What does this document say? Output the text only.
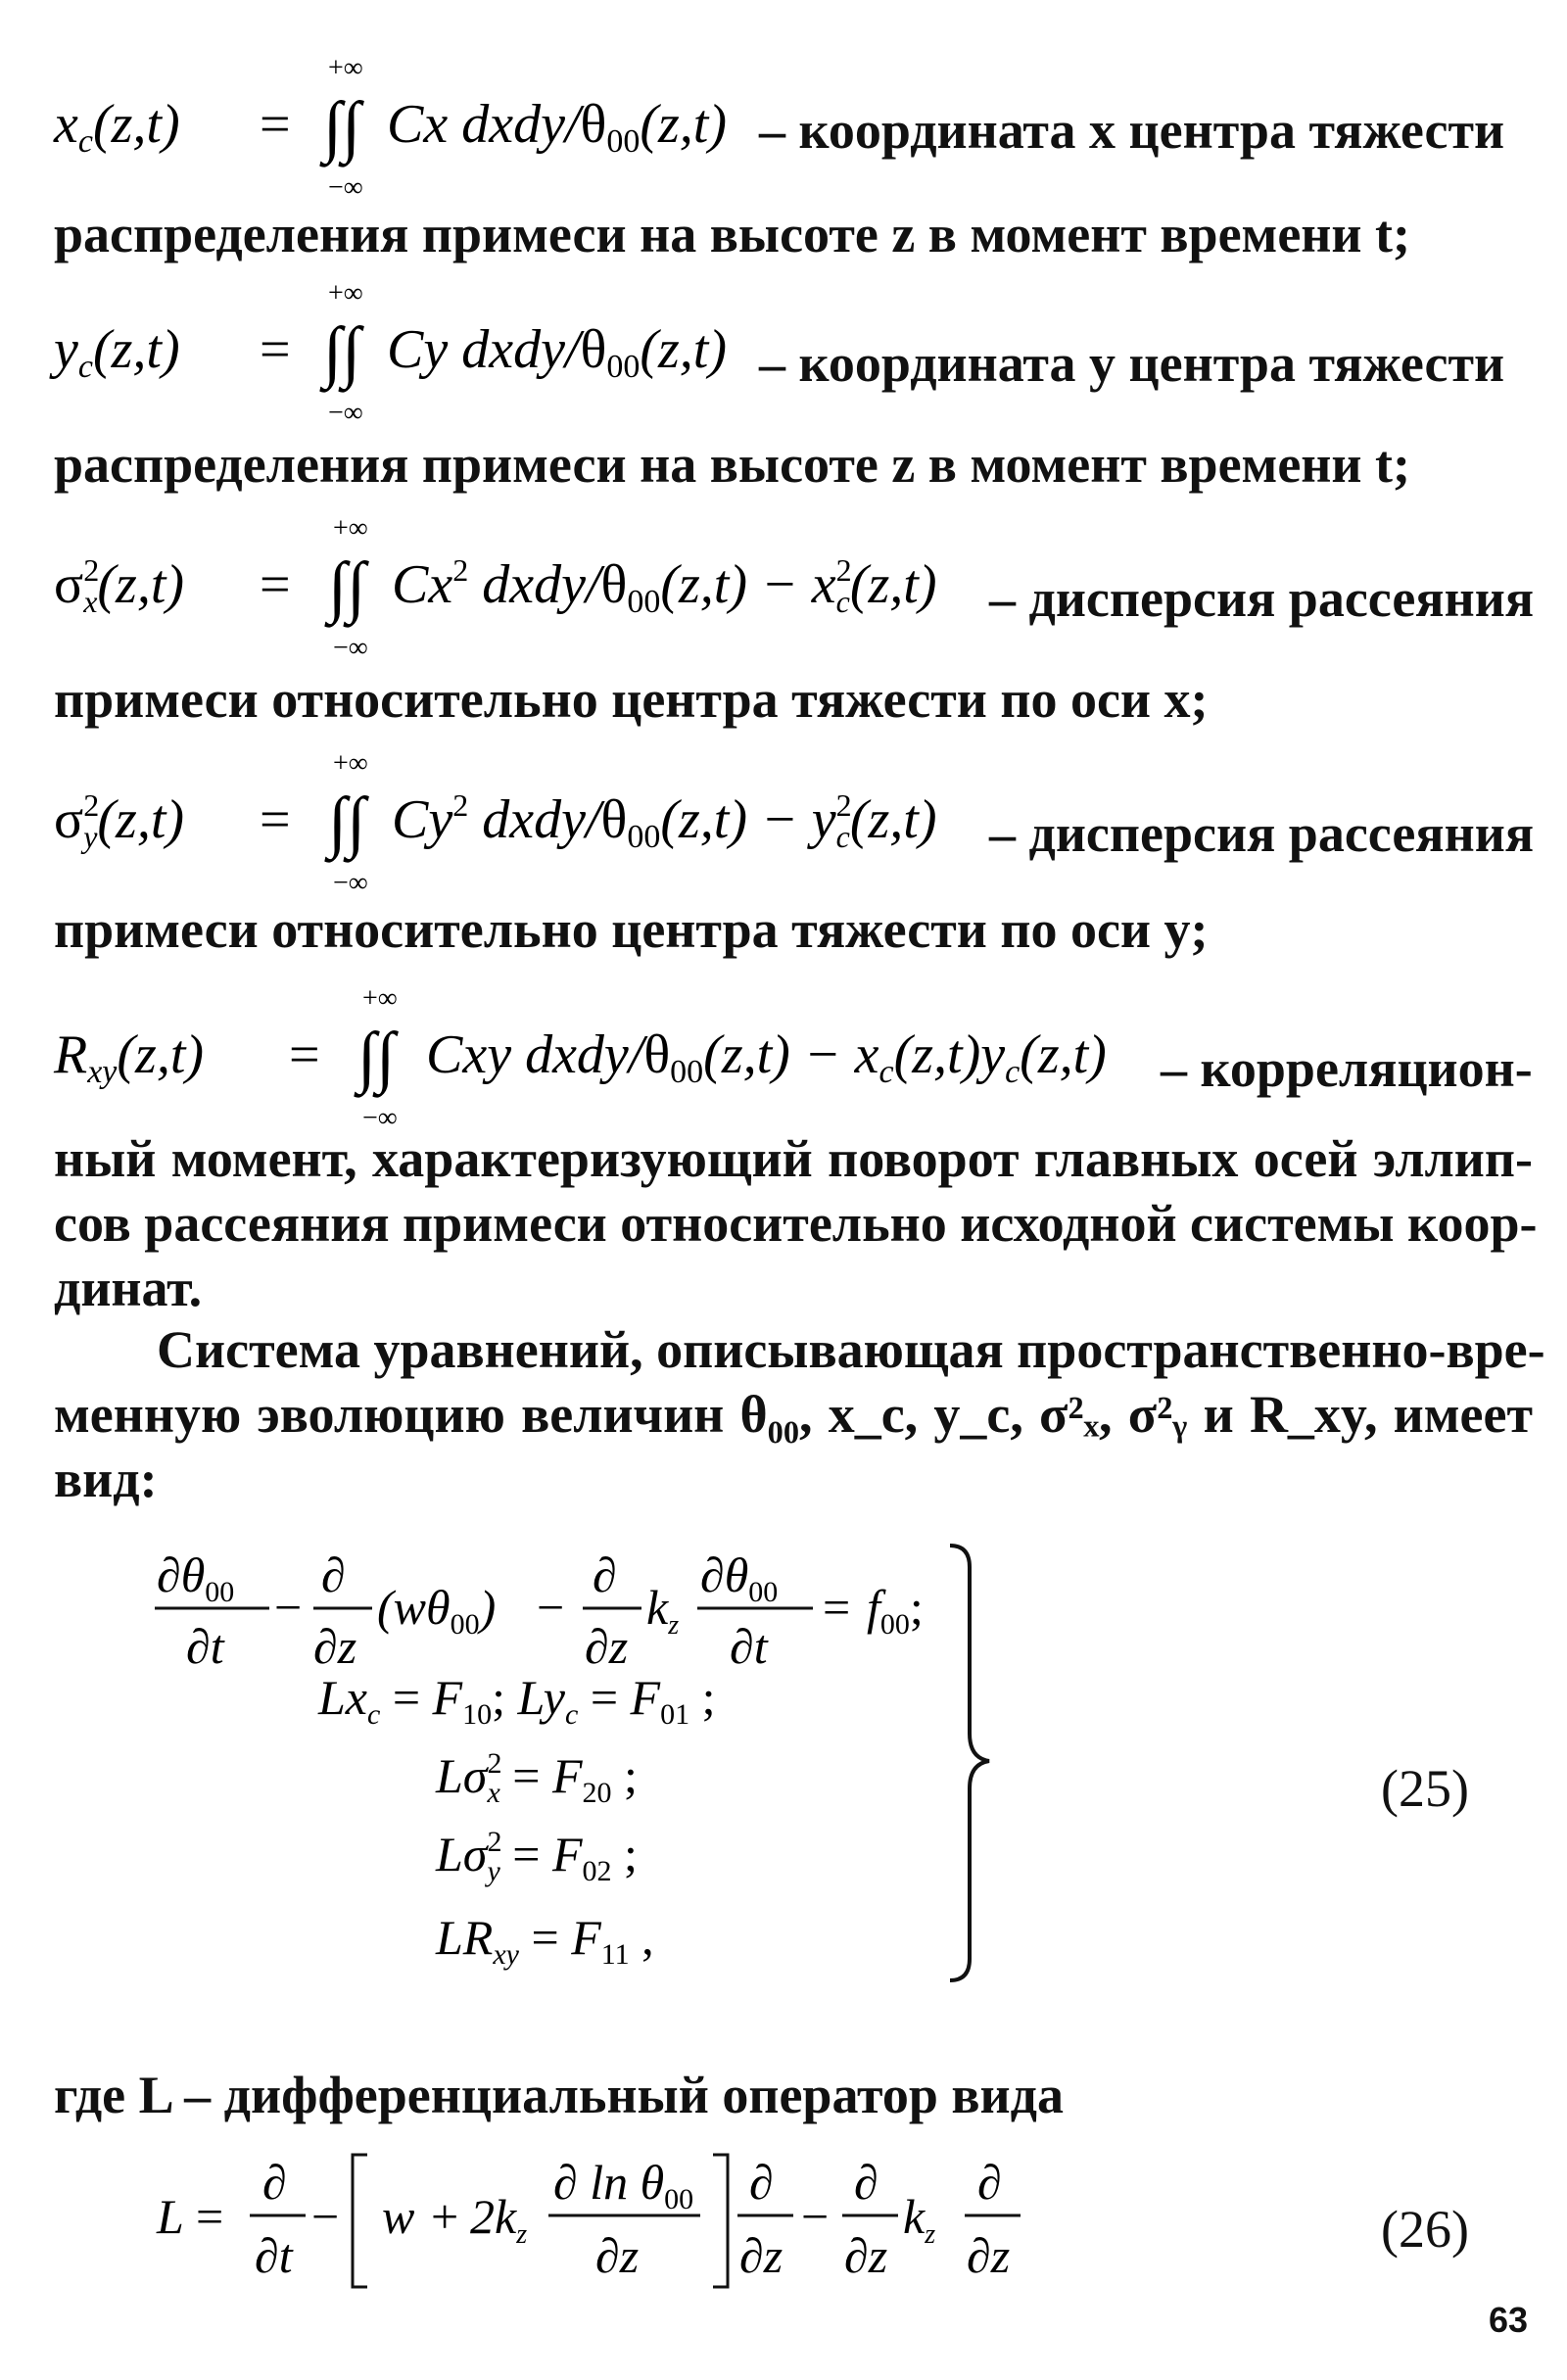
xc(z,t) =
+∞
∫∫
−∞
Cx dxdy/θ00(z,t) – координата x центра тяжести
распределения примеси на высоте z в момент времени t;
yc(z,t) =
+∞
∫∫
−∞
Cy dxdy/θ00(z,t) – координата y центра тяжести
распределения примеси на высоте z в момент времени t;
$\sigma^2$ x(z,t) =
+∞
∫∫
−∞
Cx$^2$ dxdy/θ00(z,t) − $x^2$ c(z,t) – дисперсия рассеяния
примеси относительно центра тяжести по оси x;
$\sigma^2$ y(z,t) =
+∞
∫∫
−∞
Cy$^2$ dxdy/θ00(z,t) − $y^2$ c(z,t) – дисперсия рассеяния
примеси относительно центра тяжести по оси y;
Rxy(z,t) =
+∞
∫∫
−∞
Cxy dxdy/θ00(z,t) − xc(z,t)yc(z,t) – корреляцион-
ный момент, характеризующий поворот главных осей эллип-
сов рассеяния примеси относительно исходной системы коор-
динат.
Система уравнений, описывающая пространственно-вре-
менную эволюцию величин θ₀₀, x_c, y_c, σ²ₓ, σ²ᵧ и R_xy, имеет
вид:
$\partial\theta_{00}$
∂t
−
∂
∂z
$(w\theta_{00})$ −
∂
∂z
$k_z$
$\partial\theta_{00}$
∂t
= $f_{00}$;
$Lx_c = F_{10}$; $Ly_c = F_{01}$ ;
$L\sigma^2$ $x = F_{20}$ ;
$L\sigma^2$ $y = F_{02}$ ;
$LR_{xy} = F_{11}$ ,
(25)
где L – дифференциальный оператор вида
L =
∂
∂t
− $w + 2k_z$
∂ $\ln \theta_{00}$
∂z
∂
∂z
−
∂
∂z
$k_z$
∂
∂z	(26)
63
